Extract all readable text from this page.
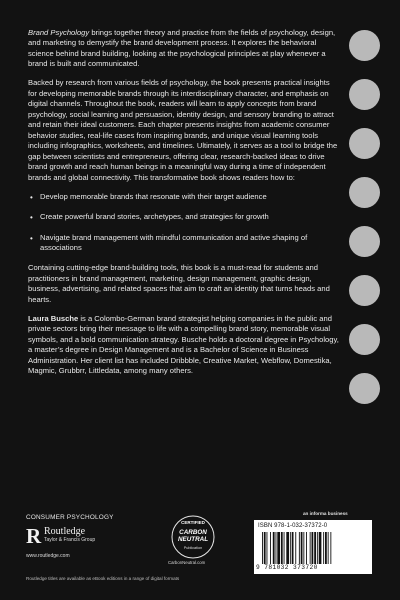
Brand Psychology brings together theory and practice from the fields of psychology, design, and marketing to demystify the brand development process. It explores the behavioral science behind brand building, looking at the psychological principles at play whenever a brand is built and communicated.

Backed by research from various fields of psychology, the book presents practical insights for developing memorable brands through its interdisciplinary character, and emphasis on digital channels. Throughout the book, readers will learn to apply concepts from brand psychology, social learning and persuasion, identity design, and sensory branding to attract and retain their ideal customers. Each chapter presents insights from academic consumer behavior studies, real-life cases from inspiring brands, and unique visual learning tools including infographics, worksheets, and timelines. Ultimately, it serves as a tool to bridge the gap between scientists and entrepreneurs, offering clear, research-backed ideas to drive brand growth and reach human beings in a meaningful way during a time of independent brands and global connectivity. This transformative book shows readers how to:

• Develop memorable brands that resonate with their target audience
• Create powerful brand stories, archetypes, and strategies for growth
• Navigate brand management with mindful communication and active shaping of associations

Containing cutting-edge brand-building tools, this book is a must-read for students and practitioners in brand management, marketing, design management, graphic design, business, advertising, and related spaces that aim to craft an identity that turns heads and hearts.

Laura Busche is a Colombo-German brand strategist helping companies in the public and private sectors bring their message to life with a compelling brand story, memorable visual symbols, and a bold communication strategy. Busche holds a doctoral degree in Psychology, a master’s degree in Design Management and is a Bachelor of Science in Business Administration. Her client list has included Dribbble, Creative Market, Webflow, Domestika, Magmic, Grubbrr, Littledata, among many others.

CONSUMER PSYCHOLOGY
R Routledge
Taylor & Francis Group
www.routledge.com
CERTIFIED
CARBON
NEUTRAL
Publication
CarbonNeutral.com
an informa business
ISBN 978-1-032-37372-0
9 781032 373720
Routledge titles are available as eBook editions in a range of digital formats
